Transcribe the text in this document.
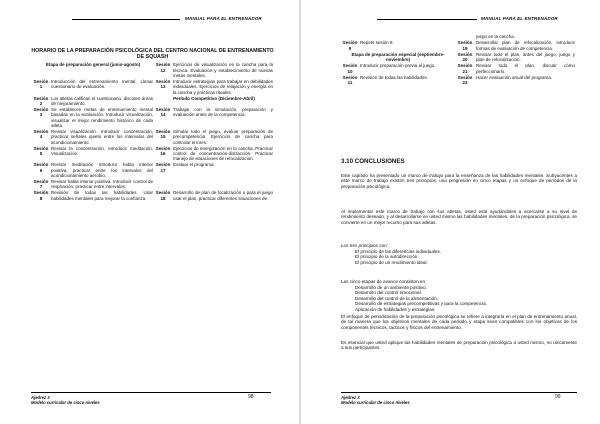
MANUAL PARA EL ENTRENADOR
HORARIO DE LA PREPARACIÓN PSICOLÓGICA DEL CENTRO NACIONAL DE ENTRENAMIENTO DE SQUASH
Etapa de preparación general (junio-agosto)		Sesión 12	Ejercicios de visualización en la cancha para la técnica. Evaluación y establecimiento de nuevas metas mentales.
Sesión 1	Introducción del entrenamiento mental. Llenar cuestionario de evaluación.	Sesión 13	Introducir estrategias para trabajar en debilidades individuales. Ejercicios de relajación y energía en la cancha y prácticas rituales.
Sesión 2	Los atletas califican el cuestionario, discuten áreas de mejoramiento.	Período Competitivo (Diciembre-Abril)	
Sesión 3	Se establecen metas de entrenamiento mental basadas en la evaluación. Introducir visualización, visualizar el mejor rendimiento histórico de cada atleta.	Sesión 14	Trabajar con la simulación, preparación y evaluación antes de la competencia.
Sesión 4	Revisar visualización. Introducir concentración, practicar señales quieto entre los intervalos del acondicionamiento.	Sesión 15	Simular todo el juego, evaluar preparación de precompetencia. Ejercicios de cancha para controlar errores.
Sesión 5	Revisar la concentración. Introducir meditación. Visualización.	Sesión 16	Ejercicios de energización en la cancha. Practicar control de concentración-distracción. Practicar manejo de situaciones de refocalización.
Sesión 6	Revisar meditación Introducir habla interior positiva, practicar entre los intervalos del acondicionamiento aerobio.	Sesión 17	Evaluar el programa.
Sesión 7	Revisar habla interior positiva. Introducir control de respiración, practicar entre intervalos.		
Sesión 8	Revisión de todas las habilidades. Usar habilidades mentales para mejorar la confianza.	Sesión 18	Desarrollo de plan de focalización o para el juego usar el plan, practicar diferentes situaciones de
Ajedrez 3
Modelo curricular de cinco niveles
98
MANUAL PARA EL ENTRENADOR
			juego en la cancha.
Sesión 9	Repetir sesión 8.	Sesión 19	Desarrollar plan de refocalización, introducir formas de evaluación de competencia.
Etapa de preparación especial (septiembre-noviembre)		Sesión 20	Revisar todo el plan, antes del juego, juego y plan de refocalización.
Sesión 10	Introducir preparación previa al juego.	Sesión 21	Revisar todo el plan, discutir cómo perfeccionarlo.
Sesión 11	Revisión de todas las habilidades.	Sesión 22	Hacer evaluación anual del programa.
3.10 CONCLUSIONES

Este capítulo ha presentado un marco de trabajo para la enseñanza de las habilidades mentales. Subyacentes a este marco de trabajo existen tres principios, una progresión en cinco etapas y un enfoque de períodos de la preparación psicológica.

Al implementar este marco de trabajo con sus atletas, usted está ayudándoles a acercarse a su nivel de rendimiento deseado, y al desarrollarse en usted mismo las habilidades mentales, de la preparación psicológica, se convierte en un mejor recurso para sus atletas.

Los tres principios son:
El principio de las diferencias individuales.
El principio de la autodirección.
El principio de un rendimiento ideal.
Las cinco etapas de avance consisten en:
Desarrollo de un ambiente positivo.
Desarrollo del control emocional.
Desarrollo del control de la alimentación.
Desarrollo de estrategias precompetitivas y para la competencia.
Aplicación de habilidades y estrategias.

El enfoque de periodización de la preparación psicológica se refiere a integrarla en el plan de entrenamiento anual, de tal manera que los objetivos mentales de cada período y etapa sean compatibles con los objetivos de los componentes técnicos, tácticos y físicos del entrenamiento.

Es esencial que usted aplique las habilidades mentales de preparación psicológica a usted mismo, no únicamente a sus participantes.

Ajedrez 3
Modelo curricular de cinco niveles
99
